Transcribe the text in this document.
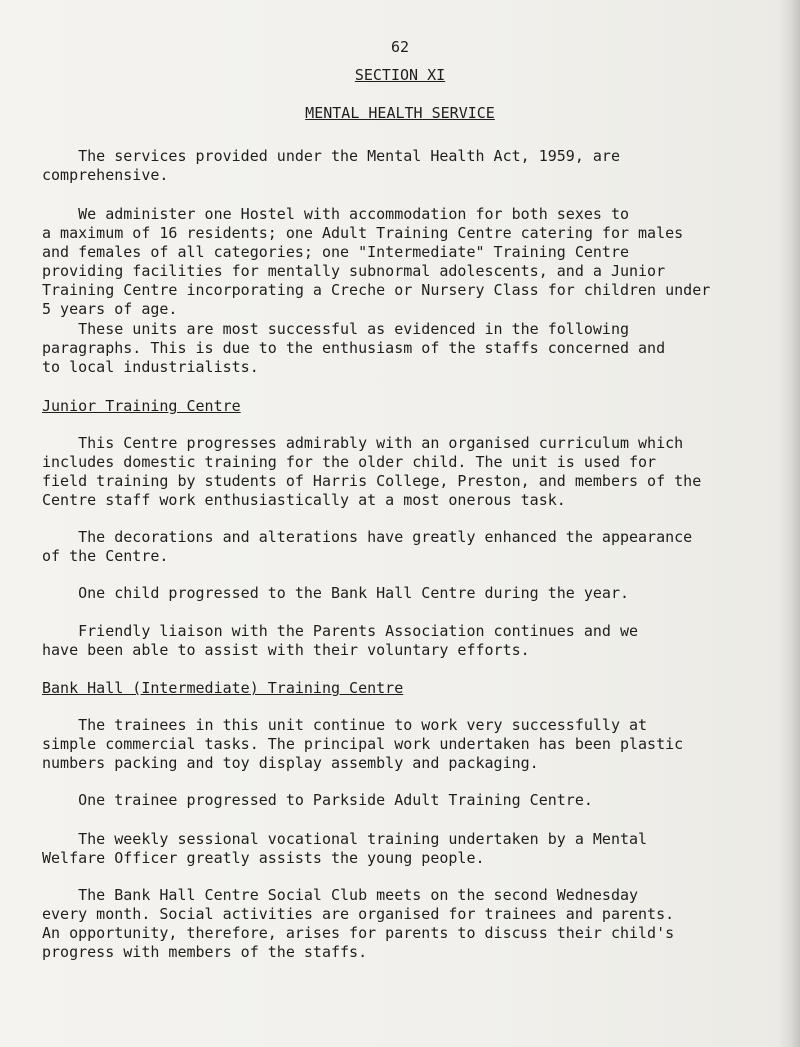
62
SECTION XI
MENTAL HEALTH SERVICE

The services provided under the Mental Health Act, 1959, are
comprehensive.

We administer one Hostel with accommodation for both sexes to
a maximum of 16 residents; one Adult Training Centre catering for males
and females of all categories; one "Intermediate" Training Centre
providing facilities for mentally subnormal adolescents, and a Junior
Training Centre incorporating a Creche or Nursery Class for children under
5 years of age.

These units are most successful as evidenced in the following
paragraphs. This is due to the enthusiasm of the staffs concerned and
to local industrialists.

Junior Training Centre

This Centre progresses admirably with an organised curriculum which
includes domestic training for the older child. The unit is used for
field training by students of Harris College, Preston, and members of the
Centre staff work enthusiastically at a most onerous task.

The decorations and alterations have greatly enhanced the appearance
of the Centre.

One child progressed to the Bank Hall Centre during the year.

Friendly liaison with the Parents Association continues and we
have been able to assist with their voluntary efforts.

Bank Hall (Intermediate) Training Centre

The trainees in this unit continue to work very successfully at
simple commercial tasks. The principal work undertaken has been plastic
numbers packing and toy display assembly and packaging.

One trainee progressed to Parkside Adult Training Centre.

The weekly sessional vocational training undertaken by a Mental
Welfare Officer greatly assists the young people.

The Bank Hall Centre Social Club meets on the second Wednesday
every month. Social activities are organised for trainees and parents.
An opportunity, therefore, arises for parents to discuss their child's
progress with members of the staffs.
